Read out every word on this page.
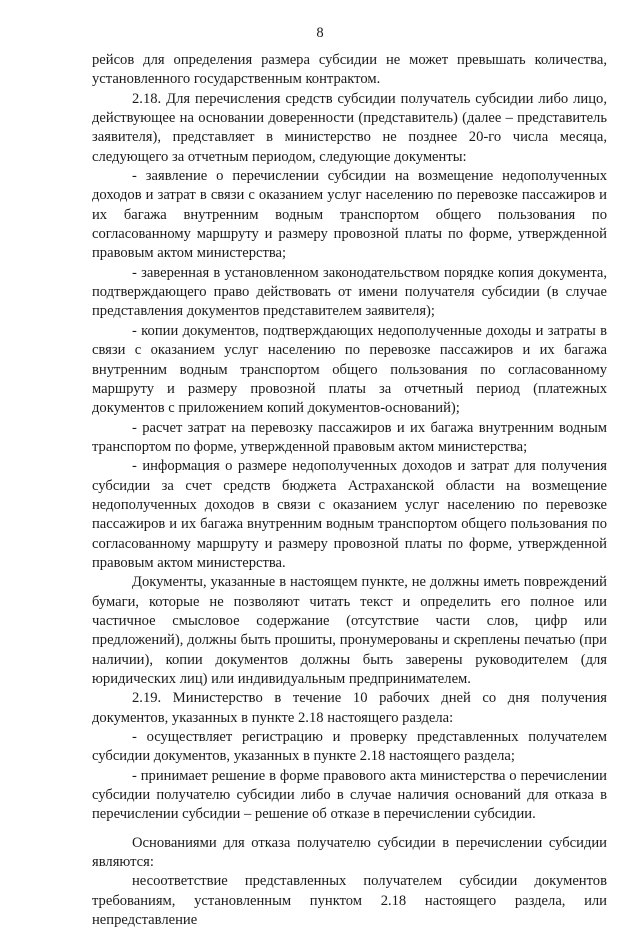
8

рейсов для определения размера субсидии не может превышать количества, установленного государственным контрактом.

2.18. Для перечисления средств субсидии получатель субсидии либо лицо, действующее на основании доверенности (представитель) (далее – представитель заявителя), представляет в министерство не позднее 20-го числа месяца, следующего за отчетным периодом, следующие документы:

- заявление о перечислении субсидии на возмещение недополученных доходов и затрат в связи с оказанием услуг населению по перевозке пассажиров и их багажа внутренним водным транспортом общего пользования по согласованному маршруту и размеру провозной платы по форме, утвержденной правовым актом министерства;

- заверенная в установленном законодательством порядке копия документа, подтверждающего право действовать от имени получателя субсидии (в случае представления документов представителем заявителя);

- копии документов, подтверждающих недополученные доходы и затраты в связи с оказанием услуг населению по перевозке пассажиров и их багажа внутренним водным транспортом общего пользования по согласованному маршруту и размеру провозной платы за отчетный период (платежных документов с приложением копий документов-оснований);

- расчет затрат на перевозку пассажиров и их багажа внутренним водным транспортом по форме, утвержденной правовым актом министерства;

- информация о размере недополученных доходов и затрат для получения субсидии за счет средств бюджета Астраханской области на возмещение недополученных доходов в связи с оказанием услуг населению по перевозке пассажиров и их багажа внутренним водным транспортом общего пользования по согласованному маршруту и размеру провозной платы по форме, утвержденной правовым актом министерства.

Документы, указанные в настоящем пункте, не должны иметь повреждений бумаги, которые не позволяют читать текст и определить его полное или частичное смысловое содержание (отсутствие части слов, цифр или предложений), должны быть прошиты, пронумерованы и скреплены печатью (при наличии), копии документов должны быть заверены руководителем (для юридических лиц) или индивидуальным предпринимателем.

2.19. Министерство в течение 10 рабочих дней со дня получения документов, указанных в пункте 2.18 настоящего раздела:

- осуществляет регистрацию и проверку представленных получателем субсидии документов, указанных в пункте 2.18 настоящего раздела;

- принимает решение в форме правового акта министерства о перечислении субсидии получателю субсидии либо в случае наличия оснований для отказа в перечислении субсидии – решение об отказе в перечислении субсидии.

Основаниями для отказа получателю субсидии в перечислении субсидии являются:

несоответствие представленных получателем субсидии документов требованиям, установленным пунктом 2.18 настоящего раздела, или непредставление
